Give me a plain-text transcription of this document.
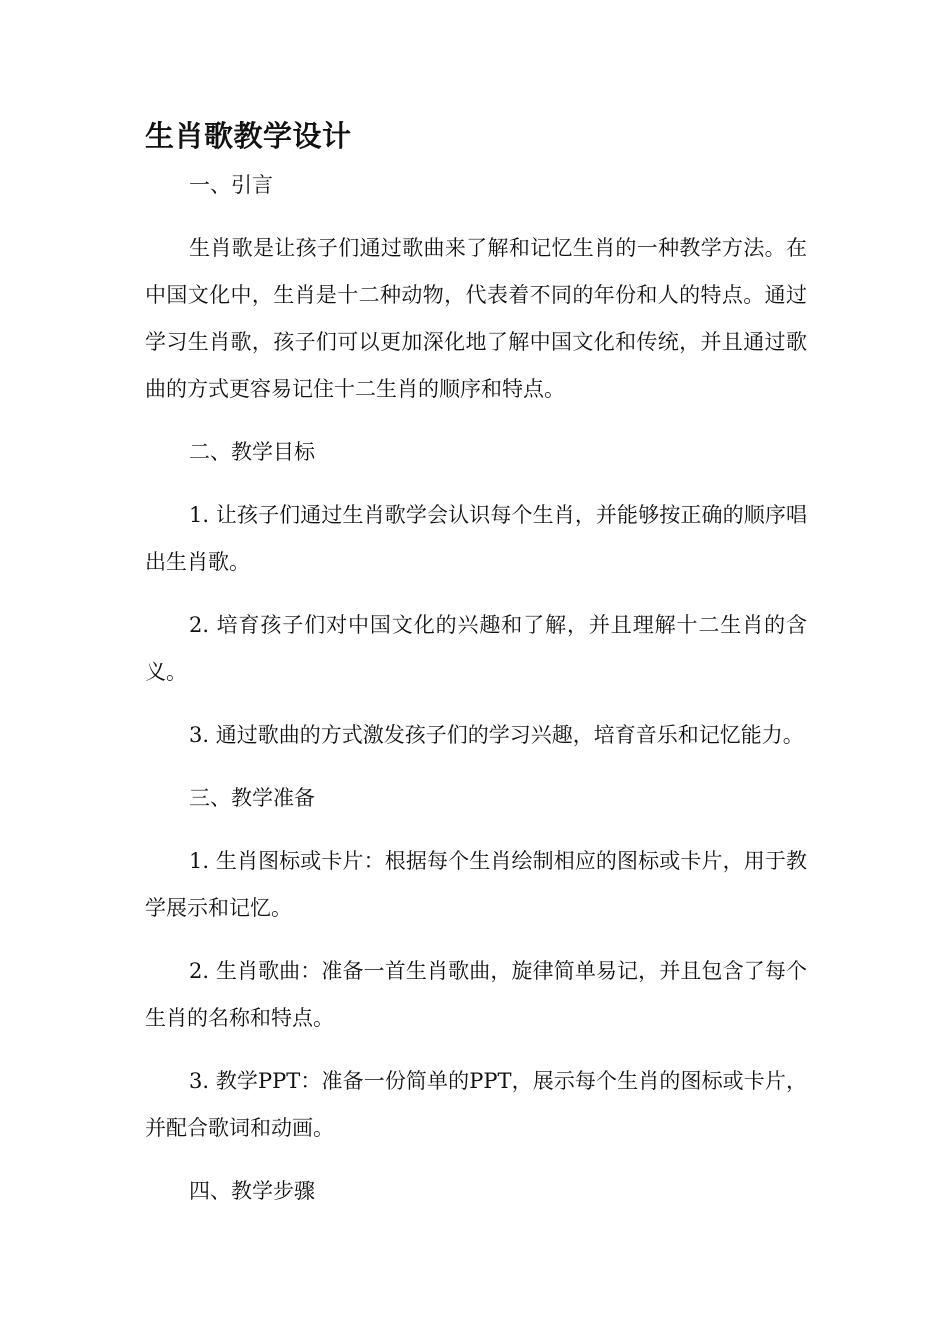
生肖歌教学设计
一、引言

生肖歌是让孩子们通过歌曲来了解和记忆生肖的一种教学方法。在中国文化中，生肖是十二种动物，代表着不同的年份和人的特点。通过学习生肖歌，孩子们可以更加深化地了解中国文化和传统，并且通过歌曲的方式更容易记住十二生肖的顺序和特点。

二、教学目标

1. 让孩子们通过生肖歌学会认识每个生肖，并能够按正确的顺序唱出生肖歌。

2. 培育孩子们对中国文化的兴趣和了解，并且理解十二生肖的含义。

3. 通过歌曲的方式激发孩子们的学习兴趣，培育音乐和记忆能力。

三、教学准备

1. 生肖图标或卡片：根据每个生肖绘制相应的图标或卡片，用于教学展示和记忆。

2. 生肖歌曲：准备一首生肖歌曲，旋律简单易记，并且包含了每个生肖的名称和特点。

3. 教学PPT：准备一份简单的PPT，展示每个生肖的图标或卡片，并配合歌词和动画。

四、教学步骤
